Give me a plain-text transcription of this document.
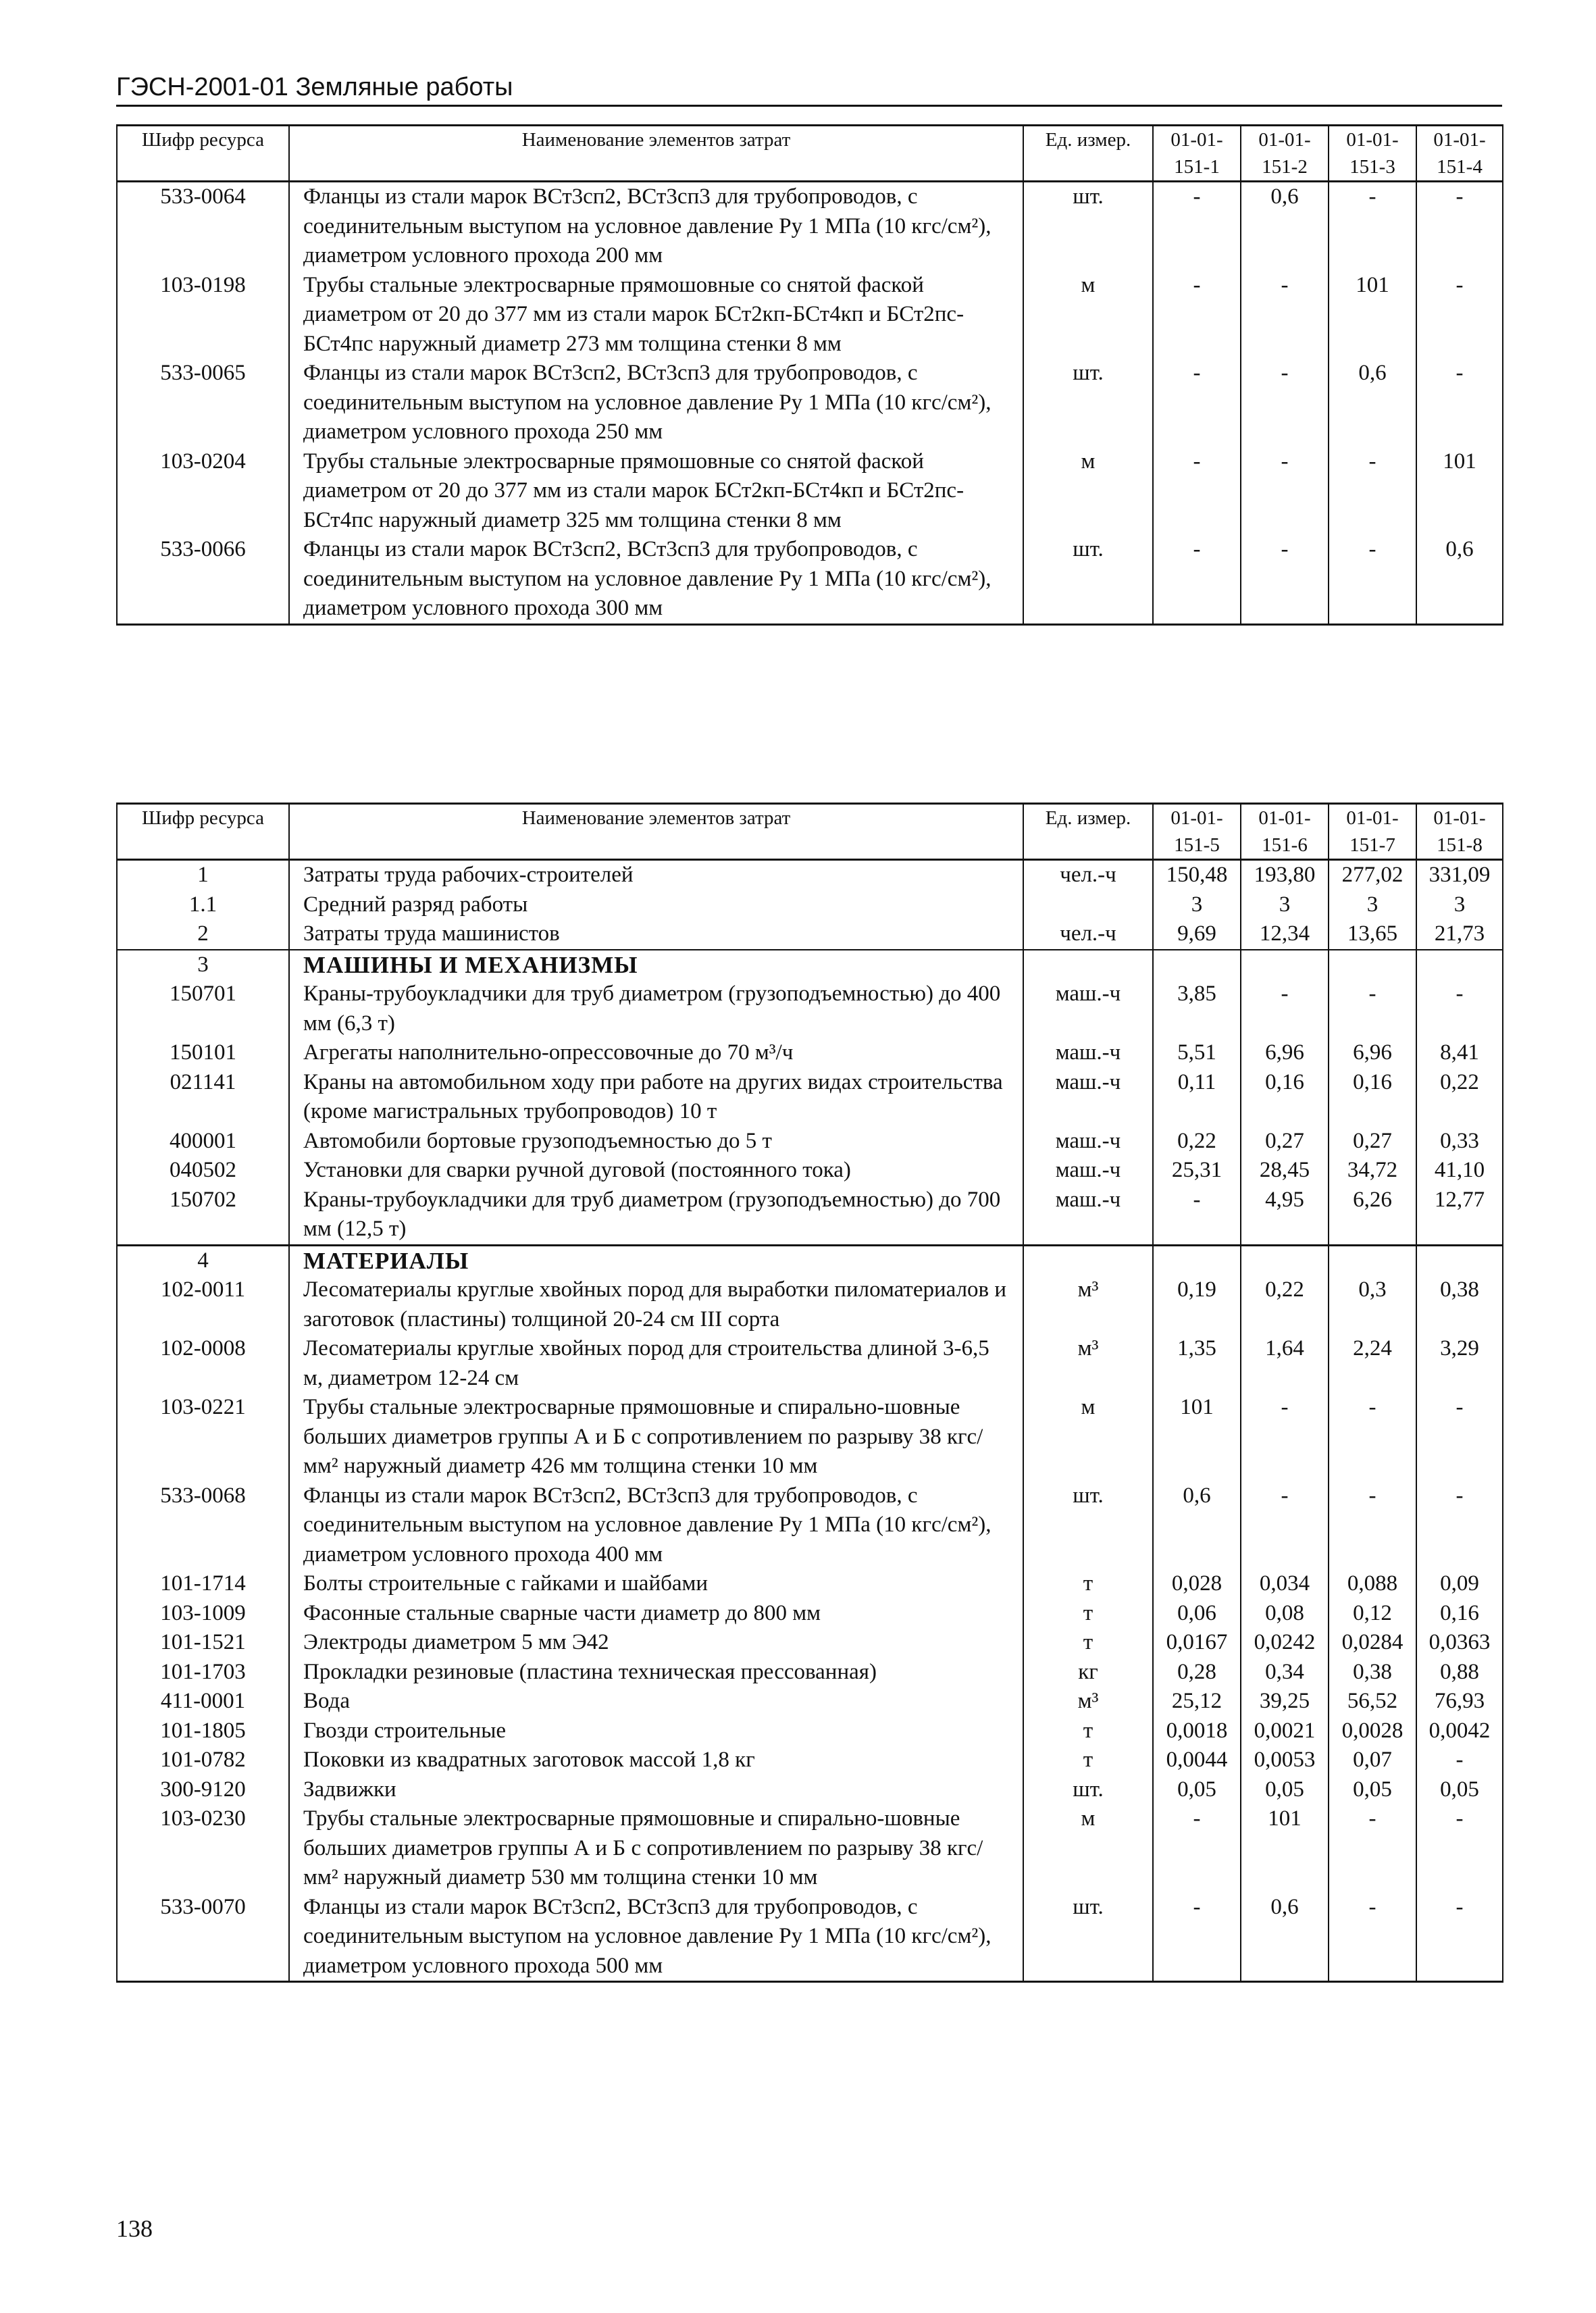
ГЭСН-2001-01 Земляные работы
Шифр ресурса	Наименование элементов затрат	Ед. измер.	01-01-151-1	01-01-151-2	01-01-151-3	01-01-151-4
533-0064	Фланцы из стали марок ВСт3сп2, ВСт3сп3 для трубопроводов, с соединительным выступом на условное давление Ру 1 МПа (10 кгс/см²), диаметром условного прохода 200 мм	шт.	-	0,6	-	-
103-0198	Трубы стальные электросварные прямошовные со снятой фаской диаметром от 20 до 377 мм из стали марок БСт2кп-БСт4кп и БСт2пс-БСт4пс наружный диаметр 273 мм толщина стенки 8 мм	м	-	-	101	-
533-0065	Фланцы из стали марок ВСт3сп2, ВСт3сп3 для трубопроводов, с соединительным выступом на условное давление Ру 1 МПа (10 кгс/см²), диаметром условного прохода 250 мм	шт.	-	-	0,6	-
103-0204	Трубы стальные электросварные прямошовные со снятой фаской диаметром от 20 до 377 мм из стали марок БСт2кп-БСт4кп и БСт2пс-БСт4пс наружный диаметр 325 мм толщина стенки 8 мм	м	-	-	-	101
533-0066	Фланцы из стали марок ВСт3сп2, ВСт3сп3 для трубопроводов, с соединительным выступом на условное давление Ру 1 МПа (10 кгс/см²), диаметром условного прохода 300 мм	шт.	-	-	-	0,6
Шифр ресурса	Наименование элементов затрат	Ед. измер.	01-01-151-5	01-01-151-6	01-01-151-7	01-01-151-8
1	Затраты труда рабочих-строителей	чел.-ч	150,48	193,80	277,02	331,09
1.1	Средний разряд работы		3	3	3	3
2	Затраты труда машинистов	чел.-ч	9,69	12,34	13,65	21,73
3	МАШИНЫ И МЕХАНИЗМЫ					
150701	Краны-трубоукладчики для труб диаметром (грузоподъемностью) до 400 мм (6,3 т)	маш.-ч	3,85	-	-	-
150101	Агрегаты наполнительно-опрессовочные до 70 м³/ч	маш.-ч	5,51	6,96	6,96	8,41
021141	Краны на автомобильном ходу при работе на других видах строительства (кроме магистральных трубопроводов) 10 т	маш.-ч	0,11	0,16	0,16	0,22
400001	Автомобили бортовые грузоподъемностью до 5 т	маш.-ч	0,22	0,27	0,27	0,33
040502	Установки для сварки ручной дуговой (постоянного тока)	маш.-ч	25,31	28,45	34,72	41,10
150702	Краны-трубоукладчики для труб диаметром (грузоподъемностью) до 700 мм (12,5 т)	маш.-ч	-	4,95	6,26	12,77
4	МАТЕРИАЛЫ					
102-0011	Лесоматериалы круглые хвойных пород для выработки пиломатериалов и заготовок (пластины) толщиной 20-24 см III сорта	м³	0,19	0,22	0,3	0,38
102-0008	Лесоматериалы круглые хвойных пород для строительства длиной 3-6,5 м, диаметром 12-24 см	м³	1,35	1,64	2,24	3,29
103-0221	Трубы стальные электросварные прямошовные и спирально-шовные больших диаметров группы А и Б с сопротивлением по разрыву 38 кгс/мм² наружный диаметр 426 мм толщина стенки 10 мм	м	101	-	-	-
533-0068	Фланцы из стали марок ВСт3сп2, ВСт3сп3 для трубопроводов, с соединительным выступом на условное давление Ру 1 МПа (10 кгс/см²), диаметром условного прохода 400 мм	шт.	0,6	-	-	-
101-1714	Болты строительные с гайками и шайбами	т	0,028	0,034	0,088	0,09
103-1009	Фасонные стальные сварные части диаметр до 800 мм	т	0,06	0,08	0,12	0,16
101-1521	Электроды диаметром 5 мм Э42	т	0,0167	0,0242	0,0284	0,0363
101-1703	Прокладки резиновые (пластина техническая прессованная)	кг	0,28	0,34	0,38	0,88
411-0001	Вода	м³	25,12	39,25	56,52	76,93
101-1805	Гвозди строительные	т	0,0018	0,0021	0,0028	0,0042
101-0782	Поковки из квадратных заготовок массой 1,8 кг	т	0,0044	0,0053	0,07	-
300-9120	Задвижки	шт.	0,05	0,05	0,05	0,05
103-0230	Трубы стальные электросварные прямошовные и спирально-шовные больших диаметров группы А и Б с сопротивлением по разрыву 38 кгс/мм² наружный диаметр 530 мм толщина стенки 10 мм	м	-	101	-	-
533-0070	Фланцы из стали марок ВСт3сп2, ВСт3сп3 для трубопроводов, с соединительным выступом на условное давление Ру 1 МПа (10 кгс/см²), диаметром условного прохода 500 мм	шт.	-	0,6	-	-
138
